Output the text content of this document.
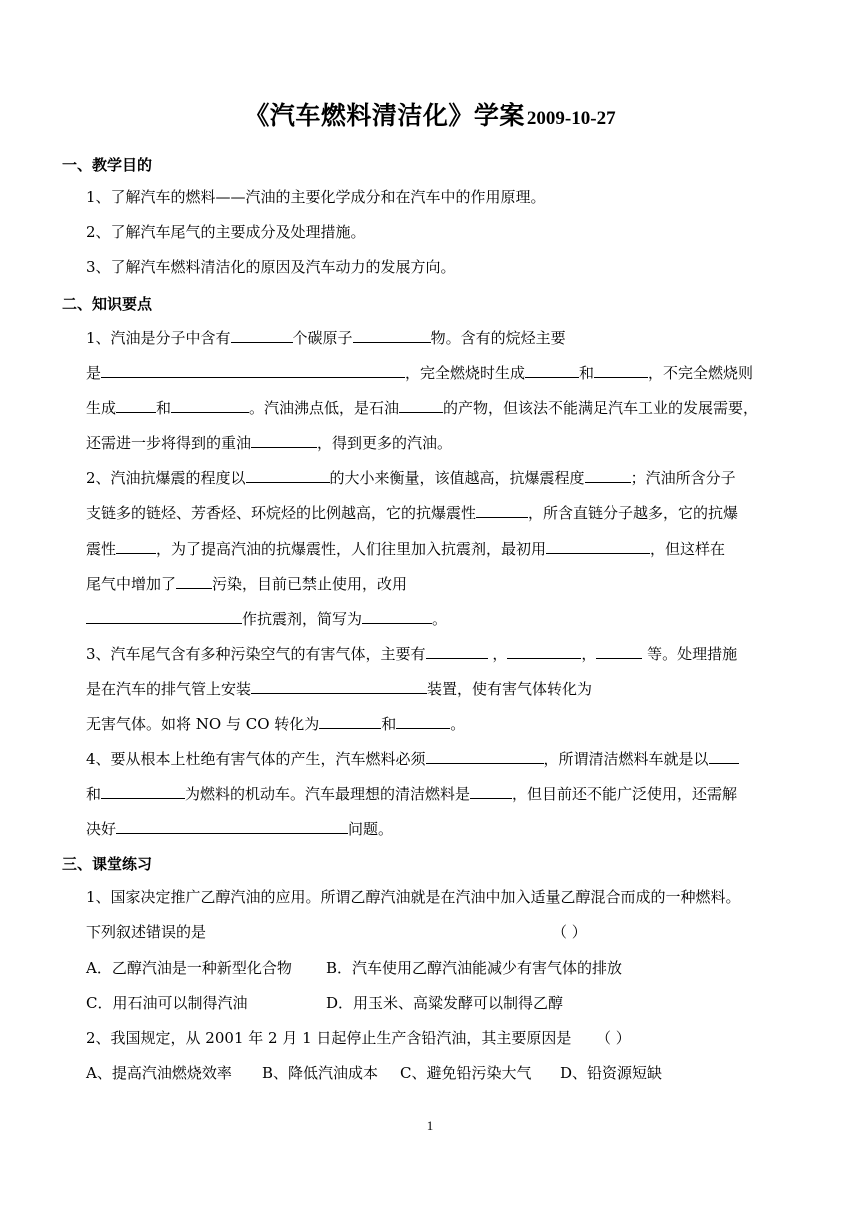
《汽车燃料清洁化》学案 2009-10-27
一、教学目的
1、了解汽车的燃料——汽油的主要化学成分和在汽车中的作用原理。
2、了解汽车尾气的主要成分及处理措施。
3、了解汽车燃料清洁化的原因及汽车动力的发展方向。
二、知识要点
1、汽油是分子中含有	个碳原子	物。含有的烷烃主要
是	，完全燃烧时生成	和	，不完全燃烧则
生成	和	。汽油沸点低，是石油	的产物，但该法不能满足汽车工业的发展需要，
还需进一步将得到的重油	，得到更多的汽油。
2、汽油抗爆震的程度以	的大小来衡量，该值越高，抗爆震程度	；汽油所含分子
支链多的链烃、芳香烃、环烷烃的比例越高，它的抗爆震性	，所含直链分子越多，它的抗爆
震性	，为了提高汽油的抗爆震性，人们往里加入抗震剂，最初用	，但这样在
尾气中增加了 污染，目前已禁止使用，改用
作抗震剂，简写为	。
3、汽车尾气含有多种污染空气的有害气体，主要有	，	，	等。处理措施
是在汽车的排气管上安装	装置，使有害气体转化为
无害气体。如将 NO 与 CO 转化为	和	。
4、要从根本上杜绝有害气体的产生，汽车燃料必须	，所谓清洁燃料车就是以
和	为燃料的机动车。汽车最理想的清洁燃料是	，但目前还不能广泛使用，还需解
决好	问题。
三、课堂练习
1、国家决定推广乙醇汽油的应用。所谓乙醇汽油就是在汽油中加入适量乙醇混合而成的一种燃料。
下列叙述错误的是	（ ）
A．乙醇汽油是一种新型化合物 B．汽车使用乙醇汽油能减少有害气体的排放
C．用石油可以制得汽油	D．用玉米、高粱发酵可以制得乙醇
2、我国规定，从 2001 年 2 月 1 日起停止生产含铅汽油，其主要原因是 （ ）
A、提高汽油燃烧效率 B、降低汽油成本 C、避免铅污染大气 D、铅资源短缺
1
